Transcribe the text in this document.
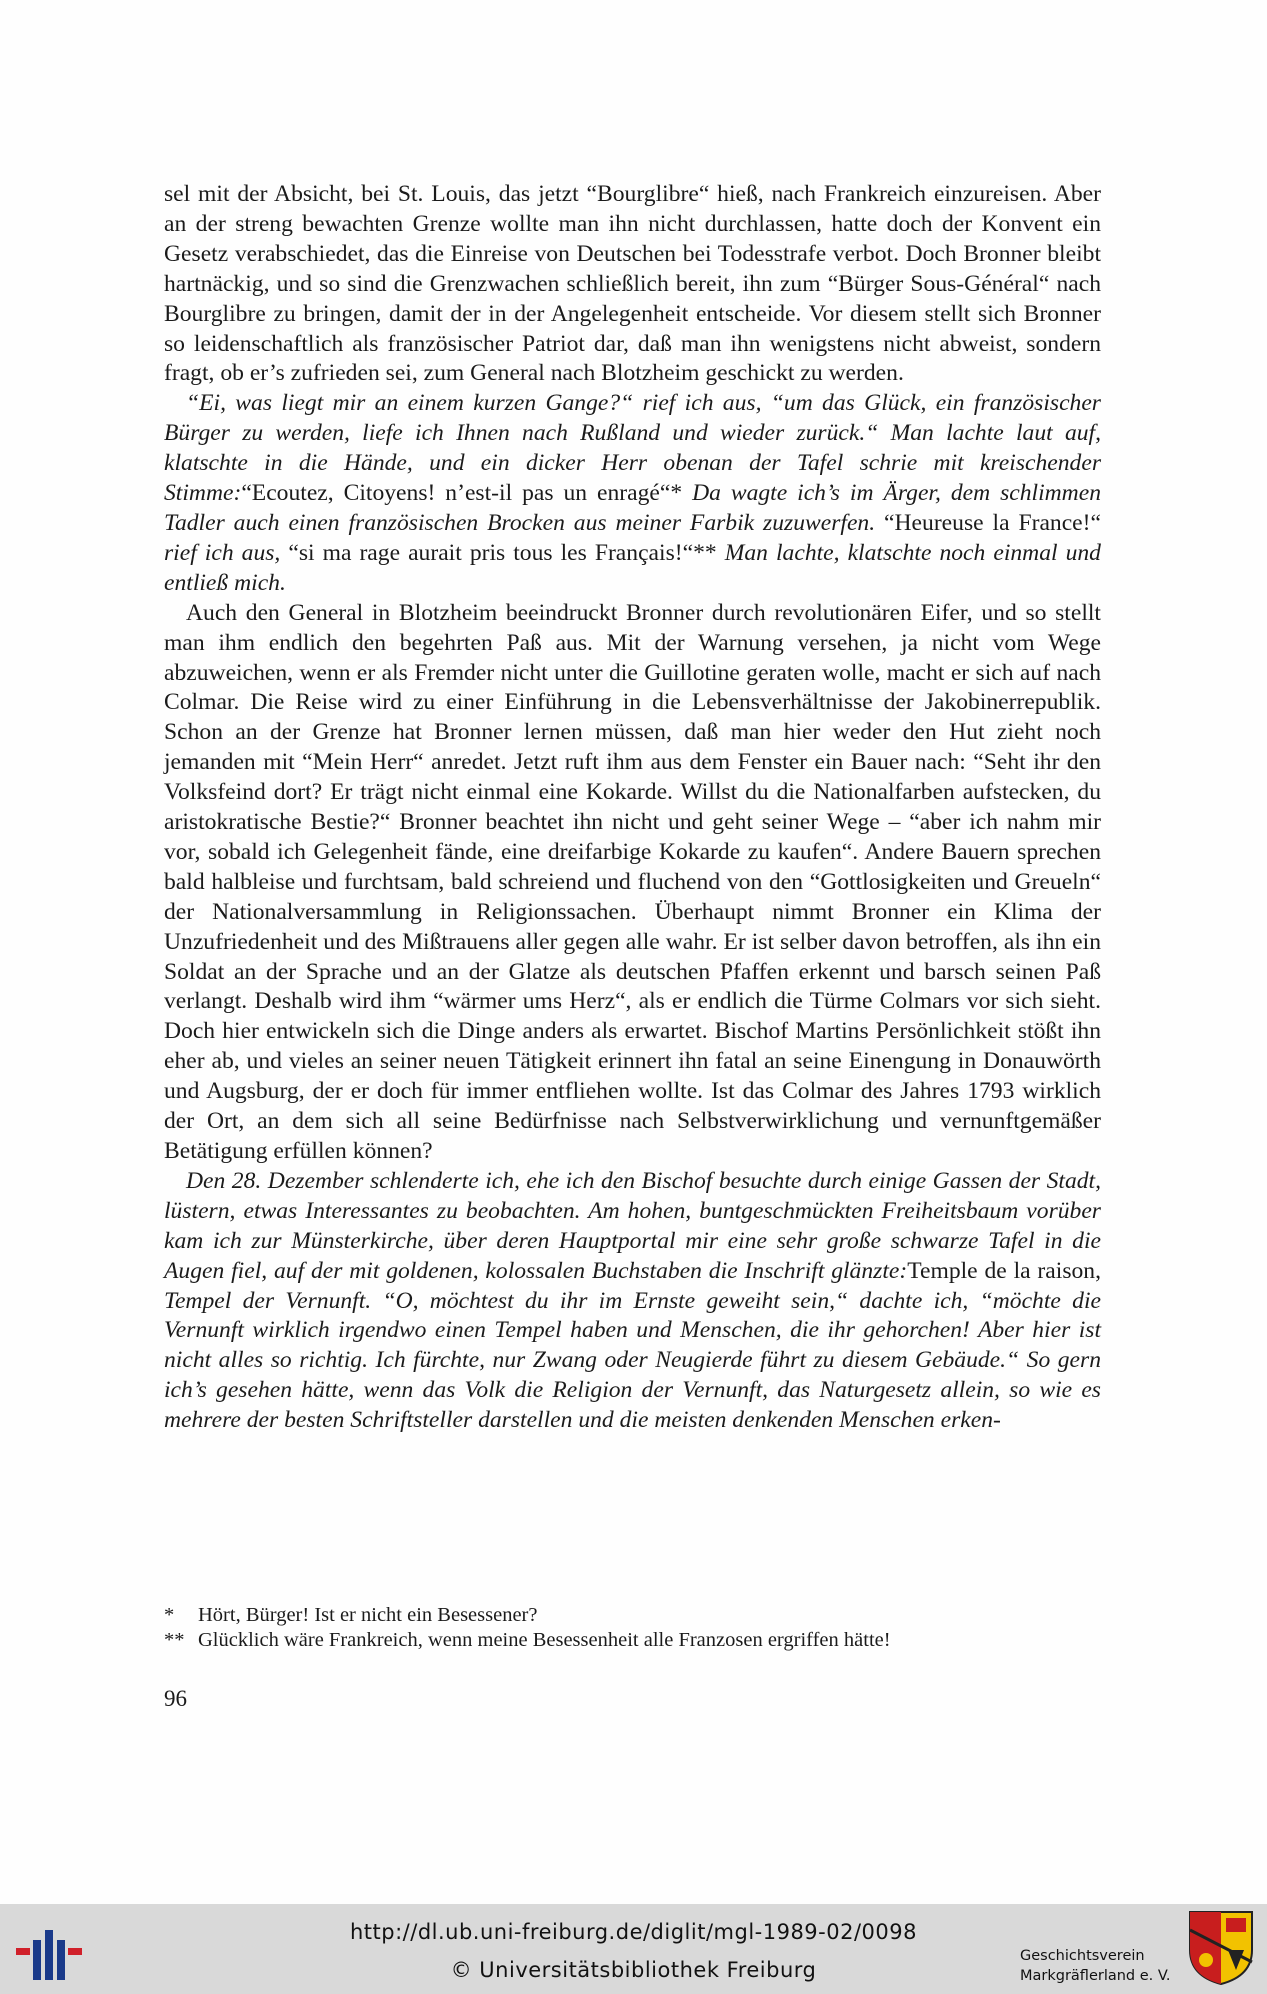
sel mit der Absicht, bei St. Louis, das jetzt “Bourglibre“ hieß, nach Frankreich einzureisen. Aber an der streng bewachten Grenze wollte man ihn nicht durchlassen, hatte doch der Konvent ein Gesetz verabschiedet, das die Einreise von Deutschen bei Todesstrafe verbot. Doch Bronner bleibt hartnäckig, und so sind die Grenzwachen schließlich bereit, ihn zum “Bürger Sous-Général“ nach Bourglibre zu bringen, damit der in der Angelegenheit entscheide. Vor diesem stellt sich Bronner so leidenschaftlich als französischer Patriot dar, daß man ihn wenigstens nicht abweist, sondern fragt, ob er’s zufrieden sei, zum General nach Blotzheim geschickt zu werden.

“Ei, was liegt mir an einem kurzen Gange?“ rief ich aus, “um das Glück, ein französischer Bürger zu werden, liefe ich Ihnen nach Rußland und wieder zurück.“ Man lachte laut auf, klatschte in die Hände, und ein dicker Herr obenan der Tafel schrie mit kreischender Stimme:“Ecoutez, Citoyens! n’est-il pas un enragé“* Da wagte ich’s im Ärger, dem schlimmen Tadler auch einen französischen Brocken aus meiner Farbik zuzuwerfen. “Heureuse la France!“ rief ich aus, “si ma rage aurait pris tous les Français!“** Man lachte, klatschte noch einmal und entließ mich.

Auch den General in Blotzheim beeindruckt Bronner durch revolutionären Eifer, und so stellt man ihm endlich den begehrten Paß aus. Mit der Warnung versehen, ja nicht vom Wege abzuweichen, wenn er als Fremder nicht unter die Guillotine geraten wolle, macht er sich auf nach Colmar. Die Reise wird zu einer Einführung in die Lebensverhältnisse der Jakobinerrepublik. Schon an der Grenze hat Bronner lernen müssen, daß man hier weder den Hut zieht noch jemanden mit “Mein Herr“ anredet. Jetzt ruft ihm aus dem Fenster ein Bauer nach: “Seht ihr den Volksfeind dort? Er trägt nicht einmal eine Kokarde. Willst du die Nationalfarben aufstecken, du aristokratische Bestie?“ Bronner beachtet ihn nicht und geht seiner Wege – “aber ich nahm mir vor, sobald ich Gelegenheit fände, eine dreifarbige Kokarde zu kaufen“. Andere Bauern sprechen bald halbleise und furchtsam, bald schreiend und fluchend von den “Gottlosigkeiten und Greueln“ der Nationalversammlung in Religionssachen. Überhaupt nimmt Bronner ein Klima der Unzufriedenheit und des Mißtrauens aller gegen alle wahr. Er ist selber davon betroffen, als ihn ein Soldat an der Sprache und an der Glatze als deutschen Pfaffen erkennt und barsch seinen Paß verlangt. Deshalb wird ihm “wärmer ums Herz“, als er endlich die Türme Colmars vor sich sieht. Doch hier entwickeln sich die Dinge anders als erwartet. Bischof Martins Persönlichkeit stößt ihn eher ab, und vieles an seiner neuen Tätigkeit erinnert ihn fatal an seine Einengung in Donauwörth und Augsburg, der er doch für immer entfliehen wollte. Ist das Colmar des Jahres 1793 wirklich der Ort, an dem sich all seine Bedürfnisse nach Selbstverwirklichung und vernunftgemäßer Betätigung erfüllen können?

Den 28. Dezember schlenderte ich, ehe ich den Bischof besuchte durch einige Gassen der Stadt, lüstern, etwas Interessantes zu beobachten. Am hohen, buntgeschmückten Freiheitsbaum vorüber kam ich zur Münsterkirche, über deren Hauptportal mir eine sehr große schwarze Tafel in die Augen fiel, auf der mit goldenen, kolossalen Buchstaben die Inschrift glänzte:Temple de la raison, Tempel der Vernunft. “O, möchtest du ihr im Ernste geweiht sein,“ dachte ich, “möchte die Vernunft wirklich irgendwo einen Tempel haben und Menschen, die ihr gehorchen! Aber hier ist nicht alles so richtig. Ich fürchte, nur Zwang oder Neugierde führt zu diesem Gebäude.“ So gern ich’s gesehen hätte, wenn das Volk die Religion der Vernunft, das Naturgesetz allein, so wie es mehrere der besten Schriftsteller darstellen und die meisten denkenden Menschen erken-

*	Hört, Bürger! Ist er nicht ein Besessener?
** Glücklich wäre Frankreich, wenn meine Besessenheit alle Franzosen ergriffen hätte!
96
http://dl.ub.uni-freiburg.de/diglit/mgl-1989-02/0098
© Universitätsbibliothek Freiburg
Geschichtsverein
Markgräflerland e. V.
